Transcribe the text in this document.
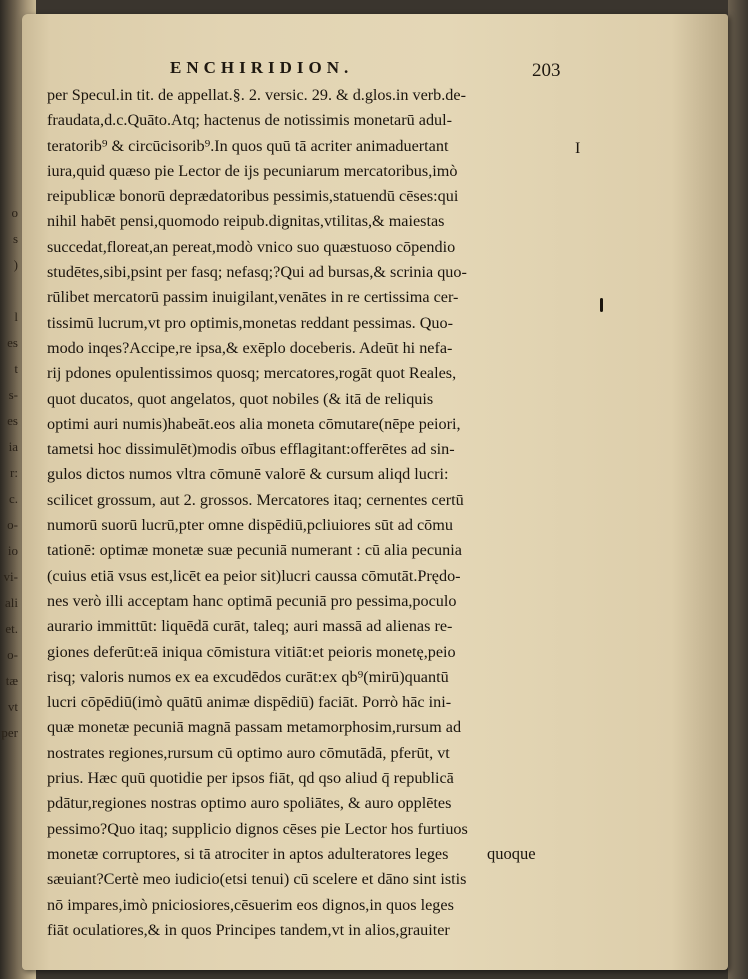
o
s
)
l
es
t
s-
es
ia
r:
c.
o-
io
vi-
ali
et.
o-
tæ
vt
per
ENCHIRIDION.	203
I
per Specul.in tit. de appellat.§. 2. versic. 29. & d.glos.in verb.de-
fraudata,d.c.Quāto.Atq; hactenus de notissimis monetarū adul-
teratorib⁹ & circūcisorib⁹.In quos quū tā acriter animaduertant
iura,quid quæso pie Lector de ijs pecuniarum mercatoribus,imò
reipublicæ bonorū deprædatoribus pessimis,statuendū cēses:qui
nihil habēt pensi,quomodo reipub.dignitas,vtilitas,& maiestas
succedat,floreat,an pereat,modò vnico suo quæstuoso cōpendio
studētes,sibi,psint per fasq; nefasq;?Qui ad bursas,& scrinia quo-
rūlibet mercatorū passim inuigilant,venātes in re certissima cer-
tissimū lucrum,vt pro optimis,monetas reddant pessimas. Quo-
modo inqes?Accipe,re ipsa,& exēplo doceberis. Adeūt hi nefa-
rij pdones opulentissimos quosq; mercatores,rogāt quot Reales,
quot ducatos, quot angelatos, quot nobiles (& itā de reliquis
optimi auri numis)habeāt.eos alia moneta cōmutare(nēpe peiori,
tametsi hoc dissimulēt)modis oībus efflagitant:offerētes ad sin-
gulos dictos numos vltra cōmunē valorē & cursum aliqd lucri:
scilicet grossum, aut 2. grossos. Mercatores itaq; cernentes certū
numorū suorū lucrū,pter omne dispēdiū,pcliuiores sūt ad cōmu
tationē: optimæ monetæ suæ pecuniā numerant : cū alia pecunia
(cuius etiā vsus est,licēt ea peior sit)lucri caussa cōmutāt.Prędo-
nes verò illi acceptam hanc optimā pecuniā pro pessima,poculo
aurario immittūt: liquēdā curāt, taleq; auri massā ad alienas re-
giones deferūt:eā iniqua cōmistura vitiāt:et peioris monetę,peio
risq; valoris numos ex ea excudēdos curāt:ex qb⁹(mirū)quantū
lucri cōpēdiū(imò quātū animæ dispēdiū) faciāt. Porrò hāc ini-
quæ monetæ pecuniā magnā passam metamorphosim,rursum ad
nostrates regiones,rursum cū optimo auro cōmutādā, pferūt, vt
prius. Hæc quū quotidie per ipsos fiāt, qd qso aliud q̄ republicā
pdātur,regiones nostras optimo auro spoliātes, & auro opplētes
pessimo?Quo itaq; supplicio dignos cēses pie Lector hos furtiuos
monetæ corruptores, si tā atrociter in aptos adulteratores leges
sæuiant?Certè meo iudicio(etsi tenui) cū scelere et dāno sint istis
nō impares,imò pniciosiores,cēsuerim eos dignos,in quos leges
fiāt oculatiores,& in quos Principes tandem,vt in alios,grauiter
quoque
